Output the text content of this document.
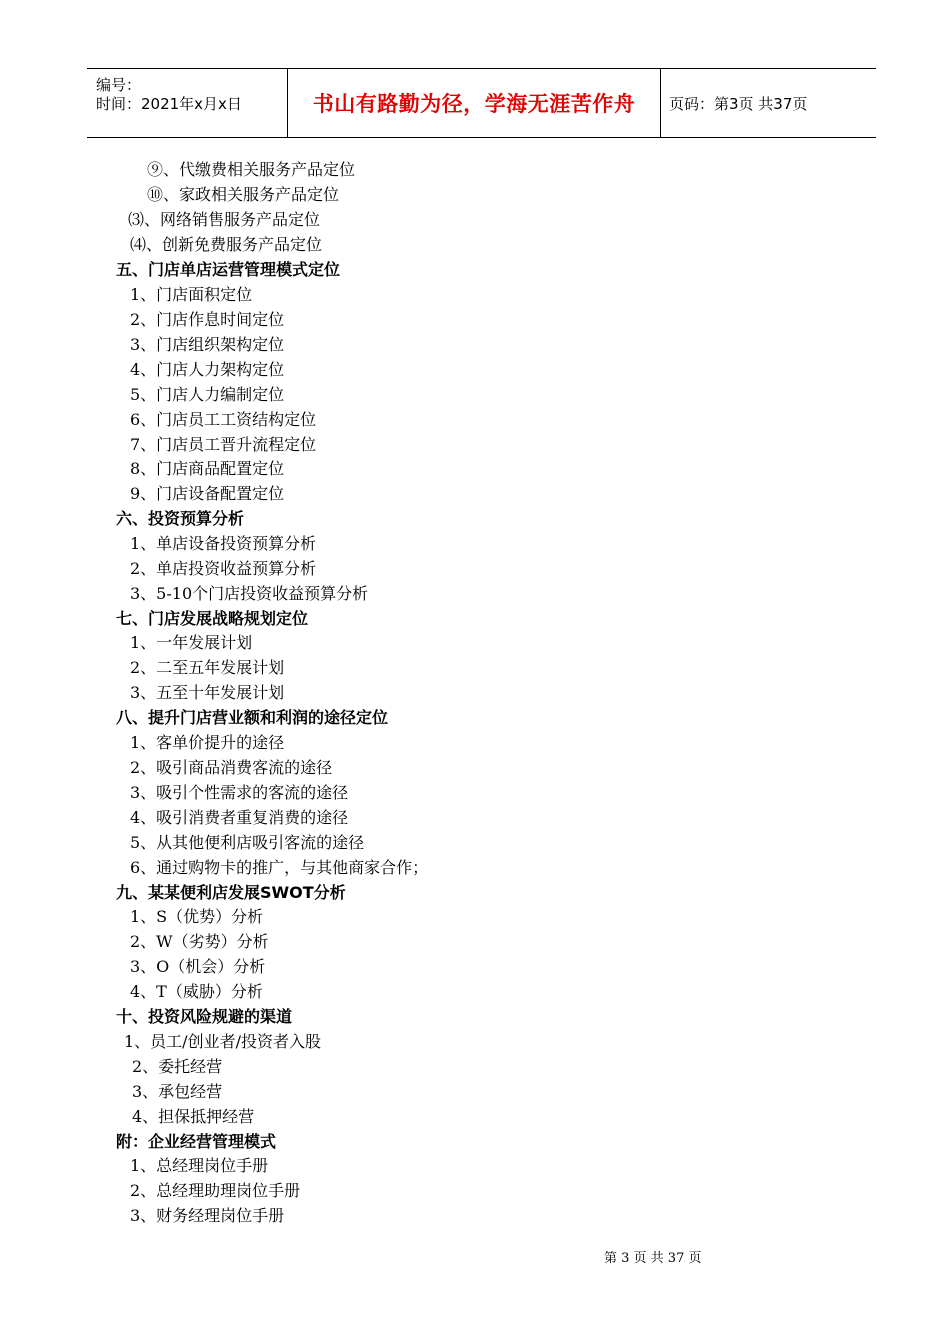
编号：
时间：2021年x月x日	书山有路勤为径，学海无涯苦作舟 页码：第3页 共37页
⑨、代缴费相关服务产品定位
⑩、家政相关服务产品定位
⑶、网络销售服务产品定位
⑷、创新免费服务产品定位
五、门店单店运营管理模式定位
1、门店面积定位
2、门店作息时间定位
3、门店组织架构定位
4、门店人力架构定位
5、门店人力编制定位
6、门店员工工资结构定位
7、门店员工晋升流程定位
8、门店商品配置定位
9、门店设备配置定位
六、投资预算分析
1、单店设备投资预算分析
2、单店投资收益预算分析
3、5-10个门店投资收益预算分析
七、门店发展战略规划定位
1、一年发展计划
2、二至五年发展计划
3、五至十年发展计划
八、提升门店营业额和利润的途径定位
1、客单价提升的途径
2、吸引商品消费客流的途径
3、吸引个性需求的客流的途径
4、吸引消费者重复消费的途径
5、从其他便利店吸引客流的途径
6、通过购物卡的推广，与其他商家合作；
九、某某便利店发展SWOT分析
1、S（优势）分析
2、W（劣势）分析
3、O（机会）分析
4、T（威胁）分析
十、投资风险规避的渠道
1、员工/创业者/投资者入股
2、委托经营
3、承包经营
4、担保抵押经营
附：企业经营管理模式
1、总经理岗位手册
2、总经理助理岗位手册
3、财务经理岗位手册
第 3 页 共 37 页
